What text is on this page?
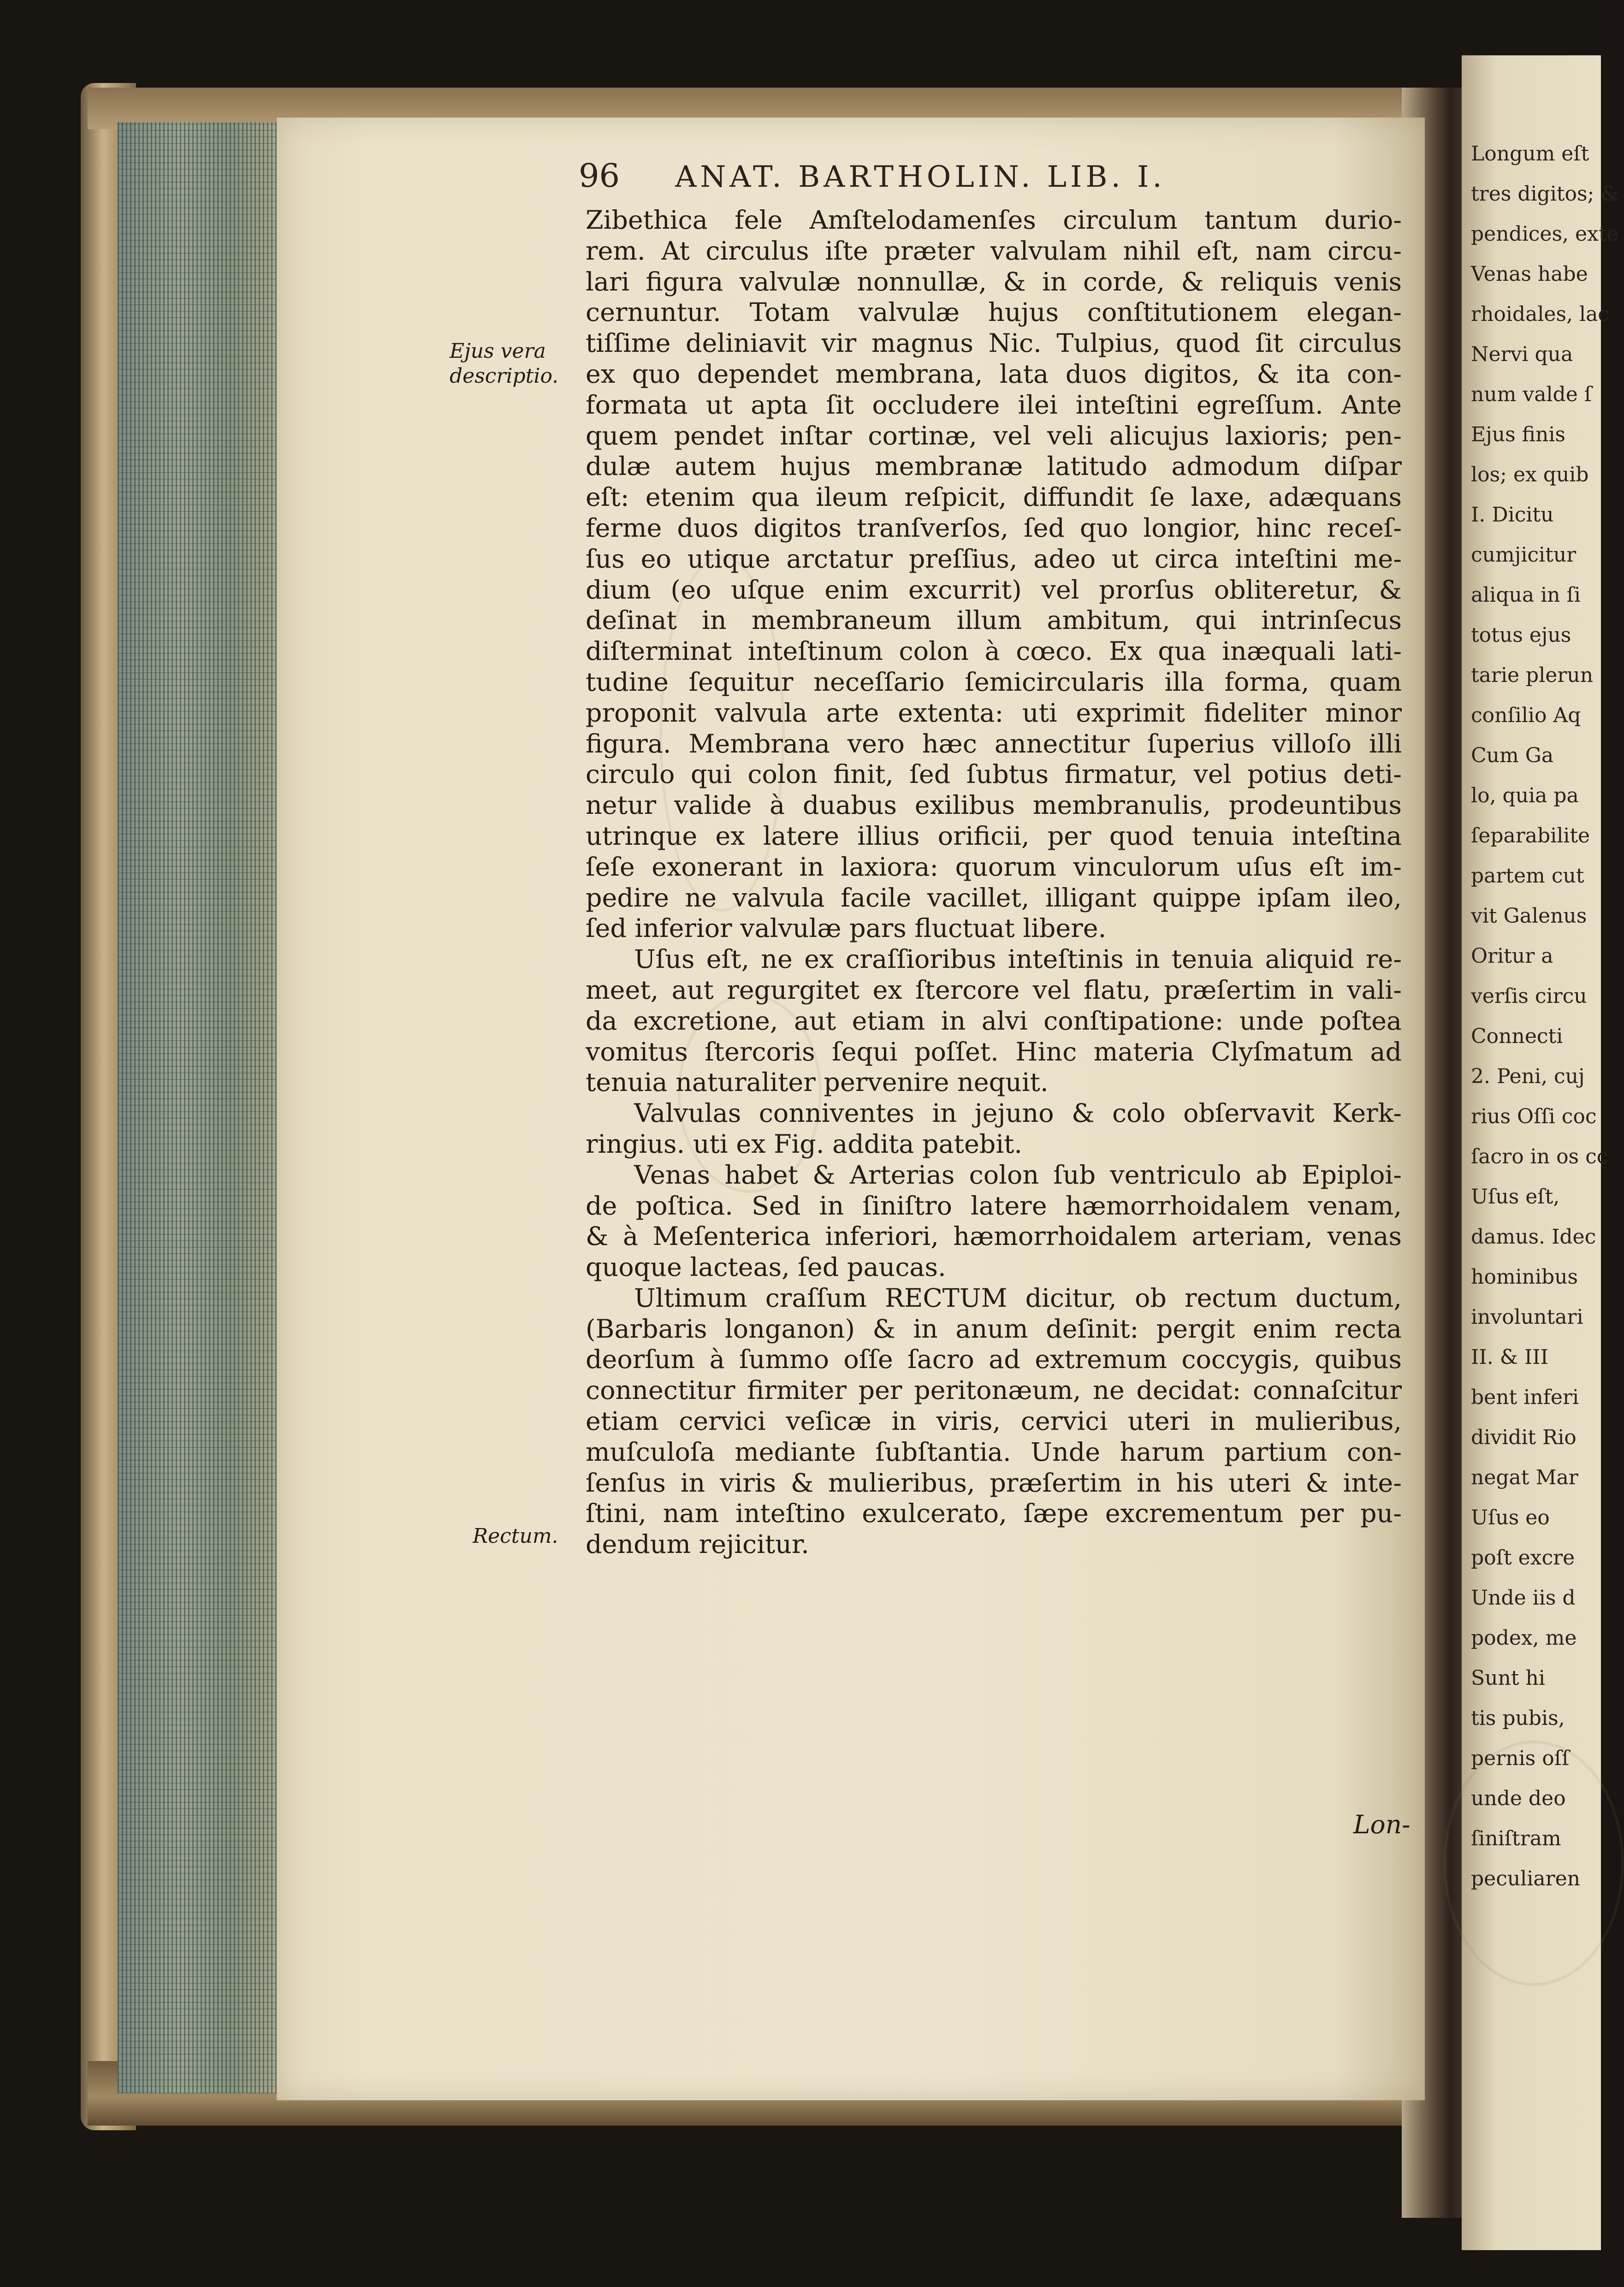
Longum eſt
tres digitos; &
pendices, exte
Venas habe
rhoidales, lac
Nervi qua
num valde ſ
Ejus finis
los; ex quib
I. Dicitu
cumjicitur
aliqua in ſi
totus ejus
tarie plerun
conſilio Aq
Cum Ga
lo, quia pa
ſeparabilite
partem cut
vit Galenus
Oritur a
verſis circu
Connecti
2. Peni, cuj
rius Oſſi coc
ſacro in os cc
Uſus eſt,
damus. Idec
hominibus
involuntari
II. & III
bent inferi
dividit Rio
negat Mar
Uſus eo
poſt excre
Unde iis d
podex, me
Sunt hi
tis pubis,
pernis oſſ
unde deo
ſiniſtram
peculiaren
96 ANAT. BARTHOLIN. LIB. I.
Ejus vera
descriptio.
Rectum.
Zibethica fele Amſtelodamenſes circulum tantum durio-
rem. At circulus iſte præter valvulam nihil eſt, nam circu-
lari figura valvulæ nonnullæ, & in corde, & reliquis venis
cernuntur. Totam valvulæ hujus conſtitutionem elegan-
tiſſime deliniavit vir magnus Nic. Tulpius, quod ſit circulus
ex quo dependet membrana, lata duos digitos, & ita con-
formata ut apta ſit occludere ilei inteſtini egreſſum. Ante
quem pendet inſtar cortinæ, vel veli alicujus laxioris; pen-
dulæ autem hujus membranæ latitudo admodum diſpar
eſt: etenim qua ileum reſpicit, diffundit ſe laxe, adæquans
ferme duos digitos tranſverſos, ſed quo longior, hinc receſ-
ſus eo utique arctatur preſſius, adeo ut circa inteſtini me-
dium (eo uſque enim excurrit) vel prorſus obliteretur, &
deſinat in membraneum illum ambitum, qui intrinſecus
diſterminat inteſtinum colon à cœco. Ex qua inæquali lati-
tudine ſequitur neceſſario ſemicircularis illa forma, quam
proponit valvula arte extenta: uti exprimit fideliter minor
figura. Membrana vero hæc annectitur ſuperius villoſo illi
circulo qui colon finit, ſed ſubtus firmatur, vel potius deti-
netur valide à duabus exilibus membranulis, prodeuntibus
utrinque ex latere illius orificii, per quod tenuia inteſtina
ſeſe exonerant in laxiora: quorum vinculorum uſus eſt im-
pedire ne valvula facile vacillet, illigant quippe ipſam ileo,
ſed inferior valvulæ pars fluctuat libere.
Uſus eſt, ne ex craſſioribus inteſtinis in tenuia aliquid re-
meet, aut regurgitet ex ſtercore vel flatu, præſertim in vali-
da excretione, aut etiam in alvi conſtipatione: unde poſtea
vomitus ſtercoris ſequi poſſet. Hinc materia Clyſmatum ad
tenuia naturaliter pervenire nequit.
Valvulas conniventes in jejuno & colo obſervavit Kerk-
ringius. uti ex Fig. addita patebit.
Venas habet & Arterias colon ſub ventriculo ab Epiploi-
de poſtica. Sed in ſiniſtro latere hæmorrhoidalem venam,
& à Meſenterica inferiori, hæmorrhoidalem arteriam, venas
quoque lacteas, ſed paucas.
Ultimum craſſum RECTUM dicitur, ob rectum ductum,
(Barbaris longanon) & in anum deſinit: pergit enim recta
deorſum à ſummo oſſe ſacro ad extremum coccygis, quibus
connectitur firmiter per peritonæum, ne decidat: connaſcitur
etiam cervici veſicæ in viris, cervici uteri in mulieribus,
muſculoſa mediante ſubſtantia. Unde harum partium con-
ſenſus in viris & mulieribus, præſertim in his uteri & inte-
ſtini, nam inteſtino exulcerato, ſæpe excrementum per pu-
dendum rejicitur.
Lon-
